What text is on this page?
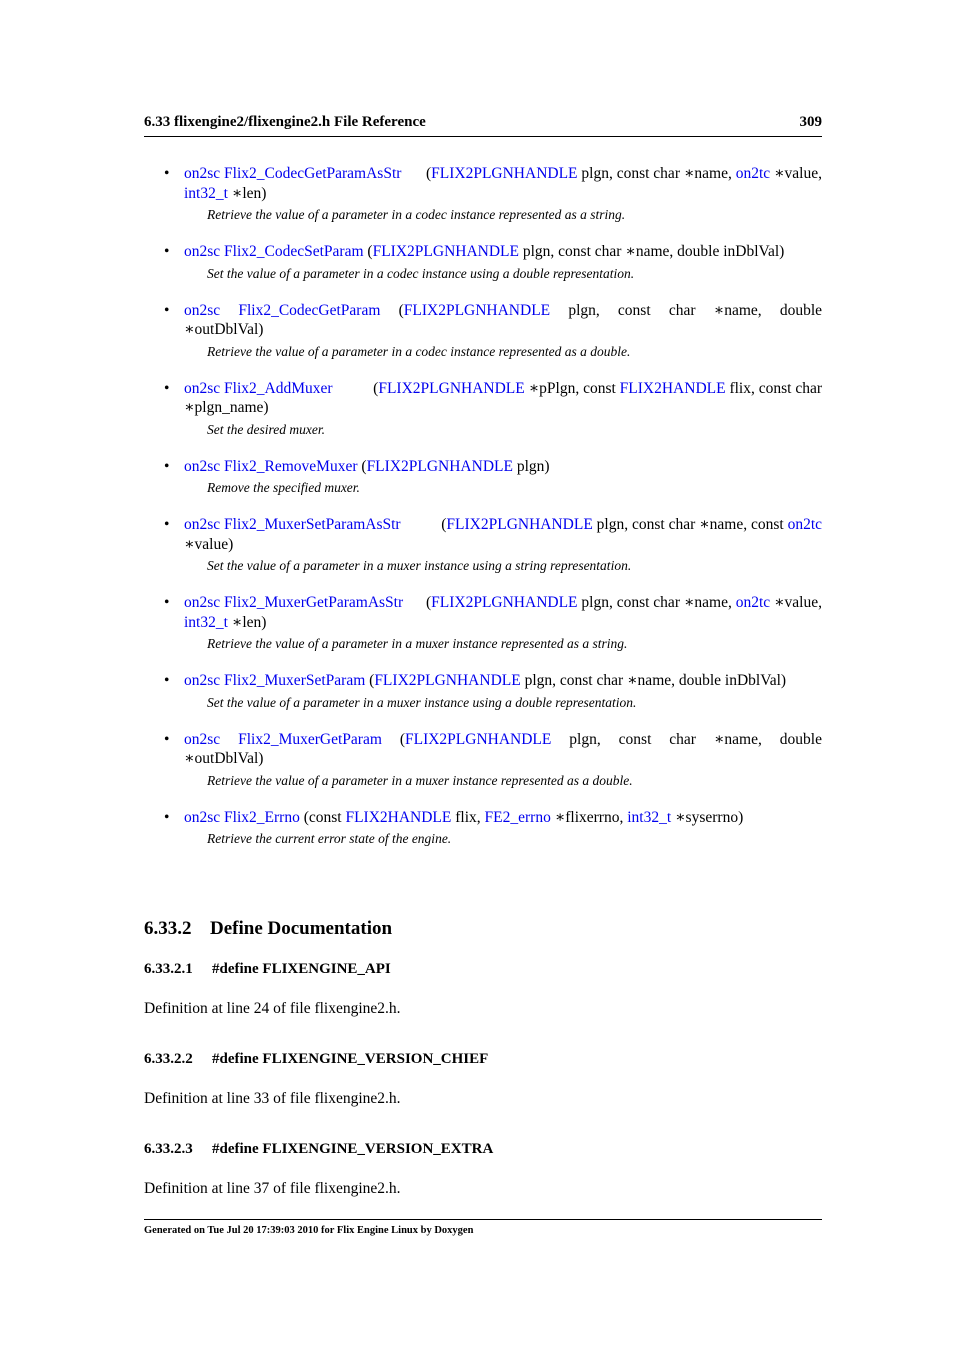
6.33 flixengine2/flixengine2.h File Reference	309
• on2sc Flix2_CodecGetParamAsStr (FLIX2PLGNHANDLE plgn, const char ∗name, on2tc ∗value,
int32_t ∗len)
Retrieve the value of a parameter in a codec instance represented as a string.
• on2sc Flix2_CodecSetParam (FLIX2PLGNHANDLE plgn, const char ∗name, double inDblVal)
Set the value of a parameter in a codec instance using a double representation.
• on2sc Flix2_CodecGetParam (FLIX2PLGNHANDLE plgn, const char ∗name, double
∗outDblVal)
Retrieve the value of a parameter in a codec instance represented as a double.
• on2sc Flix2_AddMuxer	(FLIX2PLGNHANDLE ∗pPlgn, const FLIX2HANDLE flix, const char
∗plgn_name)
Set the desired muxer.
• on2sc Flix2_RemoveMuxer (FLIX2PLGNHANDLE plgn)
Remove the specified muxer.
• on2sc Flix2_MuxerSetParamAsStr	(FLIX2PLGNHANDLE plgn, const char ∗name, const on2tc
∗value)
Set the value of a parameter in a muxer instance using a string representation.
• on2sc Flix2_MuxerGetParamAsStr (FLIX2PLGNHANDLE plgn, const char ∗name, on2tc ∗value,
int32_t ∗len)
Retrieve the value of a parameter in a muxer instance represented as a string.
• on2sc Flix2_MuxerSetParam (FLIX2PLGNHANDLE plgn, const char ∗name, double inDblVal)
Set the value of a parameter in a muxer instance using a double representation.
• on2sc Flix2_MuxerGetParam (FLIX2PLGNHANDLE plgn, const char ∗name, double
∗outDblVal)
Retrieve the value of a parameter in a muxer instance represented as a double.
• on2sc Flix2_Errno (const FLIX2HANDLE flix, FE2_errno ∗flixerrno, int32_t ∗syserrno)
Retrieve the current error state of the engine.
6.33.2 Define Documentation
6.33.2.1 #define FLIXENGINE_API
Definition at line 24 of file flixengine2.h.
6.33.2.2 #define FLIXENGINE_VERSION_CHIEF
Definition at line 33 of file flixengine2.h.
6.33.2.3 #define FLIXENGINE_VERSION_EXTRA
Definition at line 37 of file flixengine2.h.
Generated on Tue Jul 20 17:39:03 2010 for Flix Engine Linux by Doxygen
